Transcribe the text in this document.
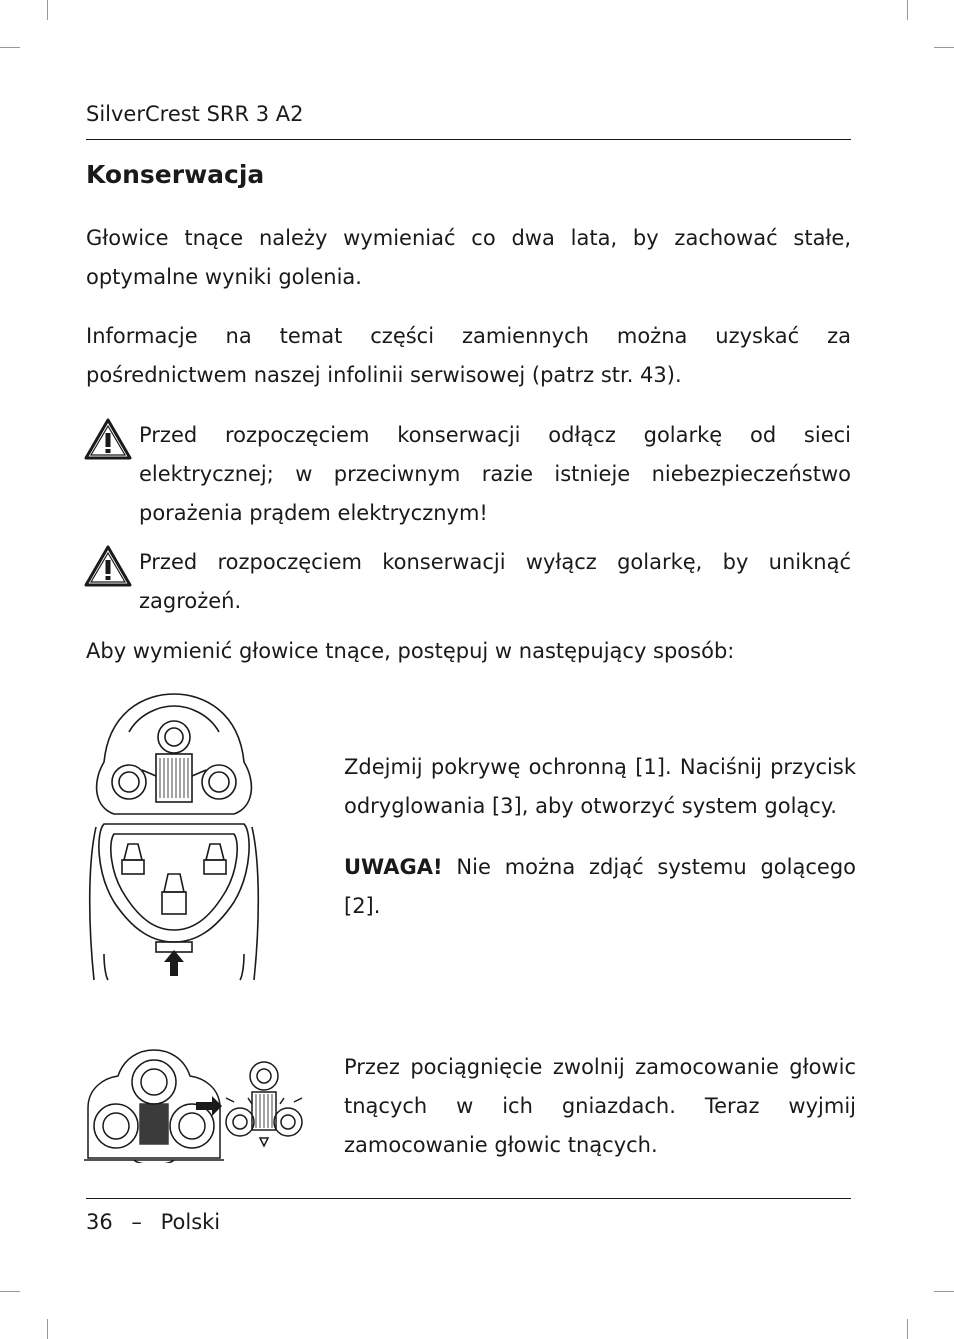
SilverCrest SRR 3 A2
Konserwacja

Głowice tnące należy wymieniać co dwa lata, by zachować stałe, optymalne wyniki golenia.

Informacje na temat części zamiennych można uzyskać za pośrednictwem naszej infolinii serwisowej (patrz str. 43).

Przed rozpoczęciem konserwacji odłącz golarkę od sieci elektrycznej; w przeciwnym razie istnieje niebezpieczeństwo porażenia prądem elektrycznym!

Przed rozpoczęciem konserwacji wyłącz golarkę, by uniknąć zagrożeń.

Aby wymienić głowice tnące, postępuj w następujący sposób:

Zdejmij pokrywę ochronną [1]. Naciśnij przycisk odryglowania [3], aby otworzyć system golący.

UWAGA! Nie można zdjąć systemu golącego [2].

Przez pociągnięcie zwolnij zamocowanie głowic tnących w ich gniazdach. Teraz wyjmij zamocowanie głowic tnących.

36 – Polski
